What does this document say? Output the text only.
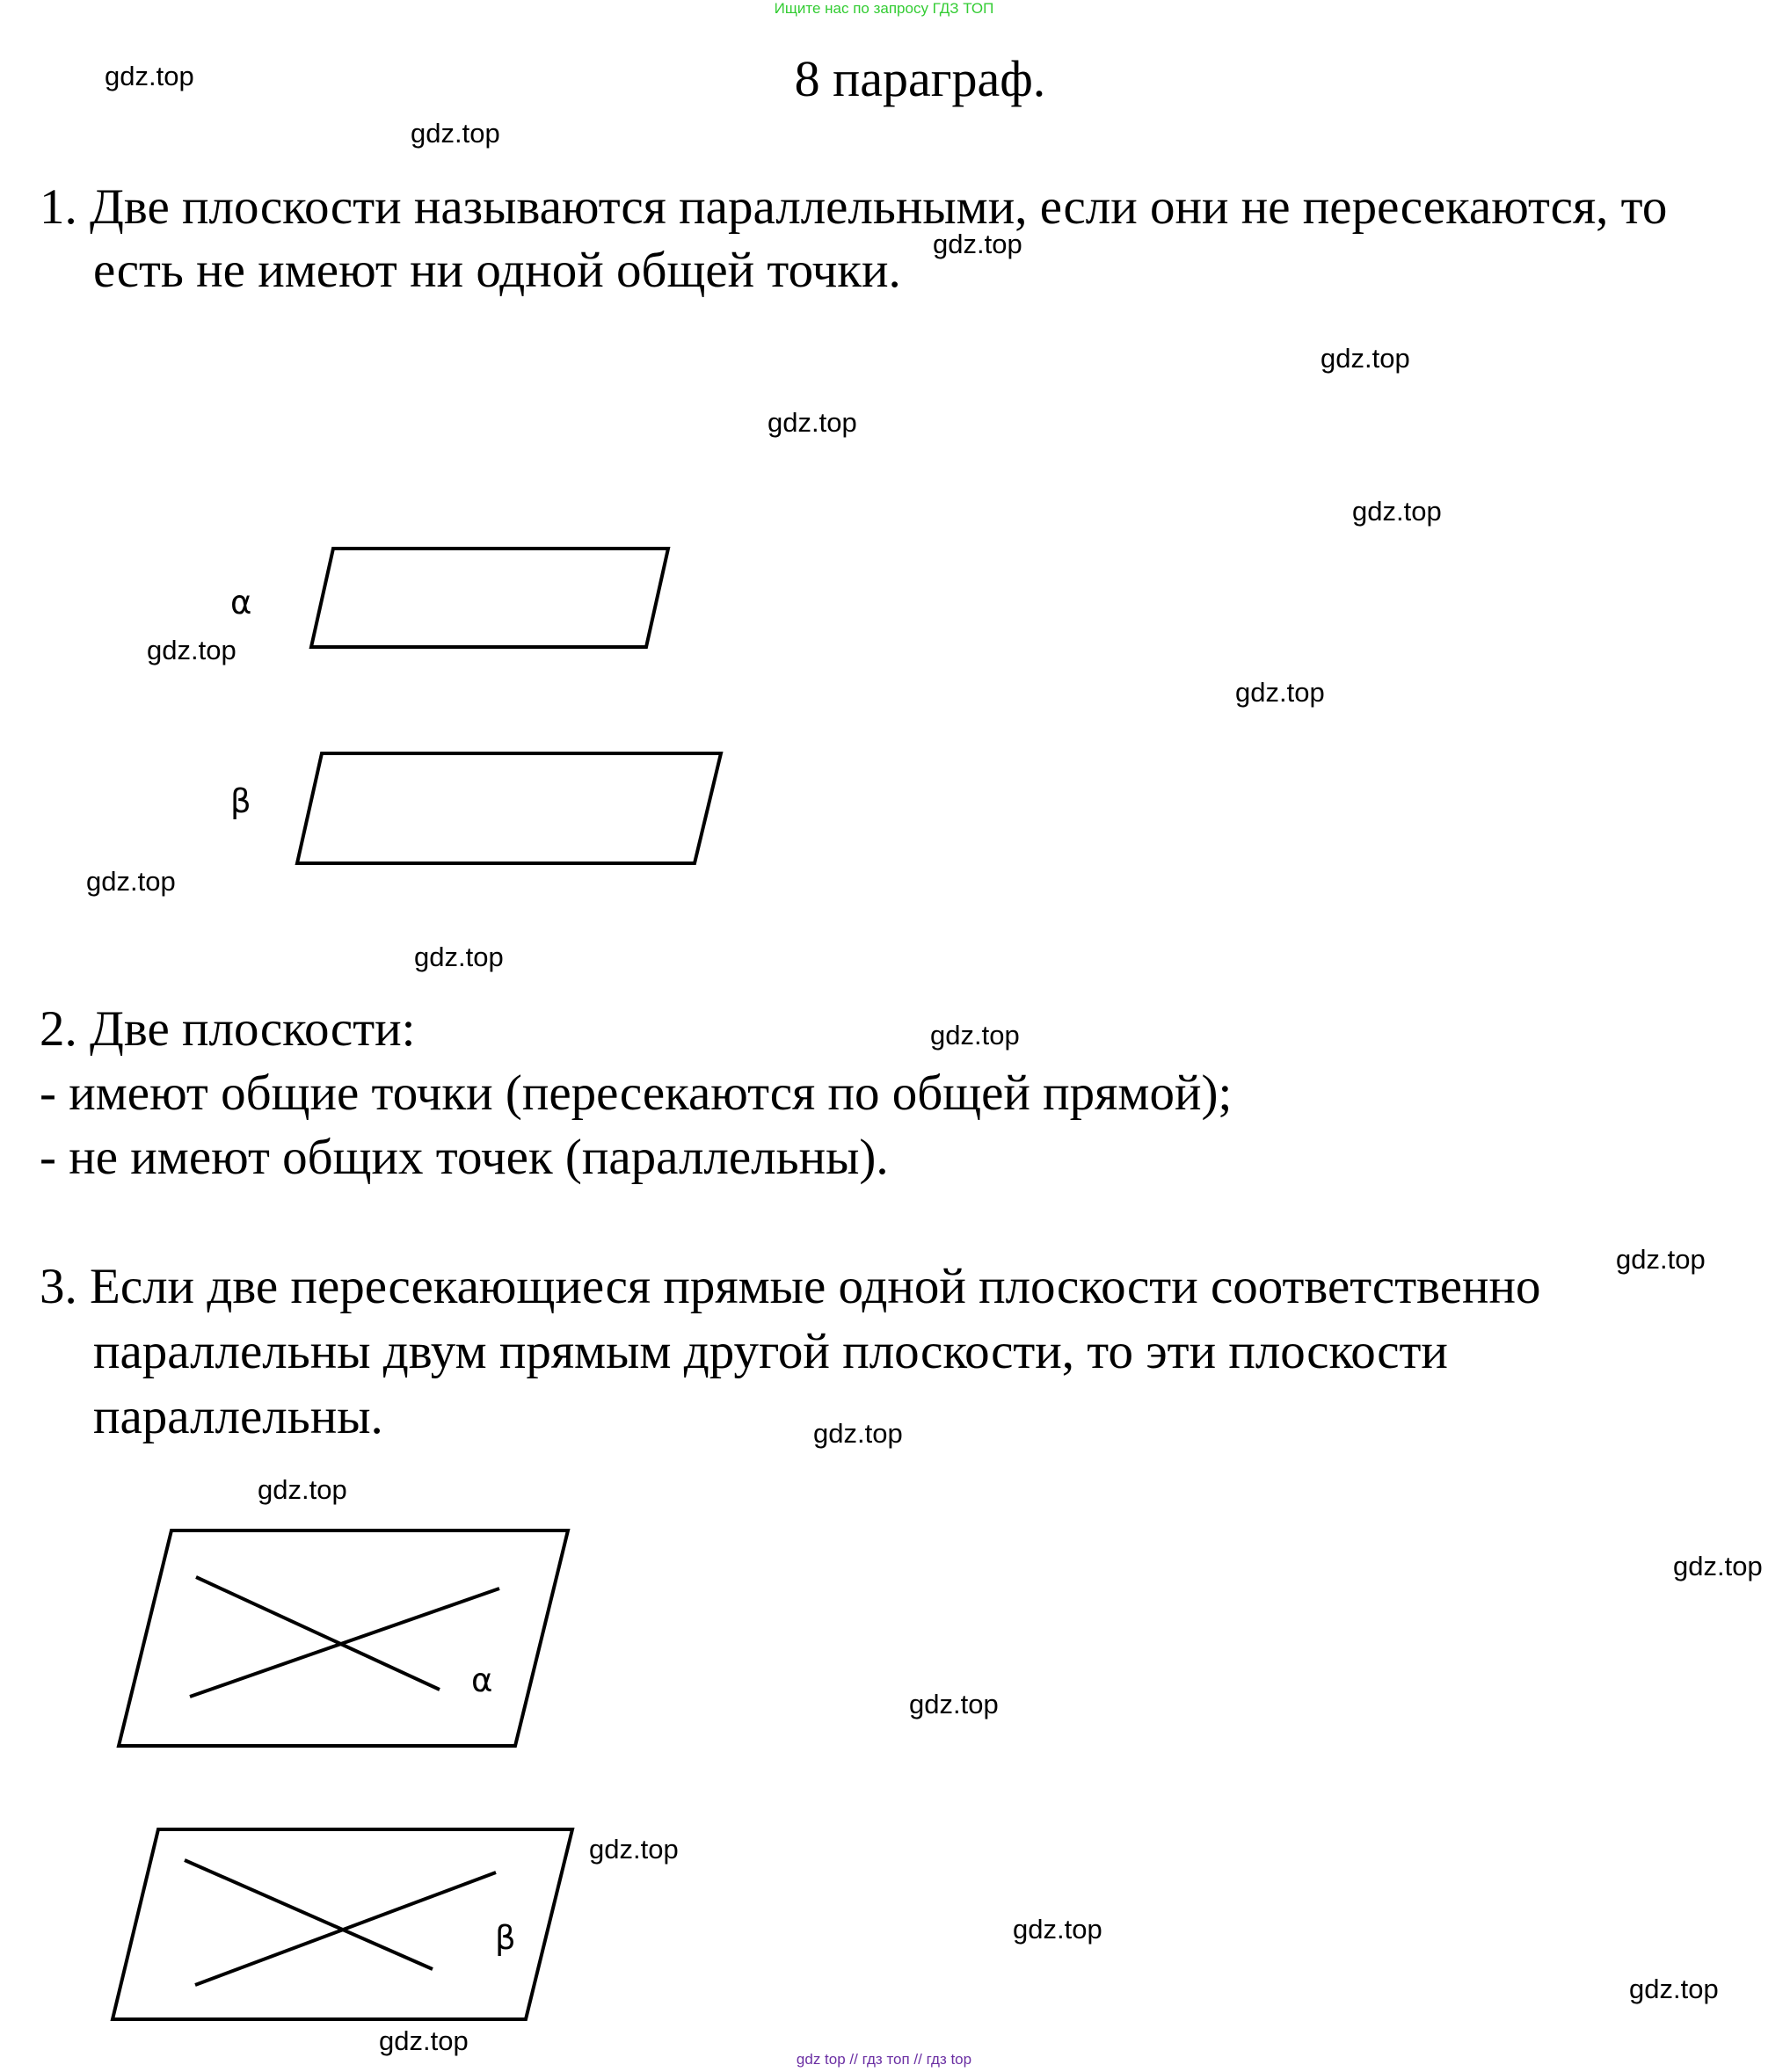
Ищите нас по запросу ГДЗ ТОП
8 параграф.
1. Две плоскости называются параллельными, если они не пересекаются, то
есть не имеют ни одной общей точки.
2. Две плоскости:
- имеют общие точки (пересекаются по общей прямой);
- не имеют общих точек (параллельны).
3. Если две пересекающиеся прямые одной плоскости соответственно
параллельны двум прямым другой плоскости, то эти плоскости
параллельны.
α
β
α
β
gdz.top
gdz.top
gdz.top
gdz.top
gdz.top
gdz.top
gdz.top
gdz.top
gdz.top
gdz.top
gdz.top
gdz.top
gdz.top
gdz.top
gdz.top
gdz.top
gdz.top
gdz.top
gdz.top
gdz.top
gdz top // гдз топ // гдз top
